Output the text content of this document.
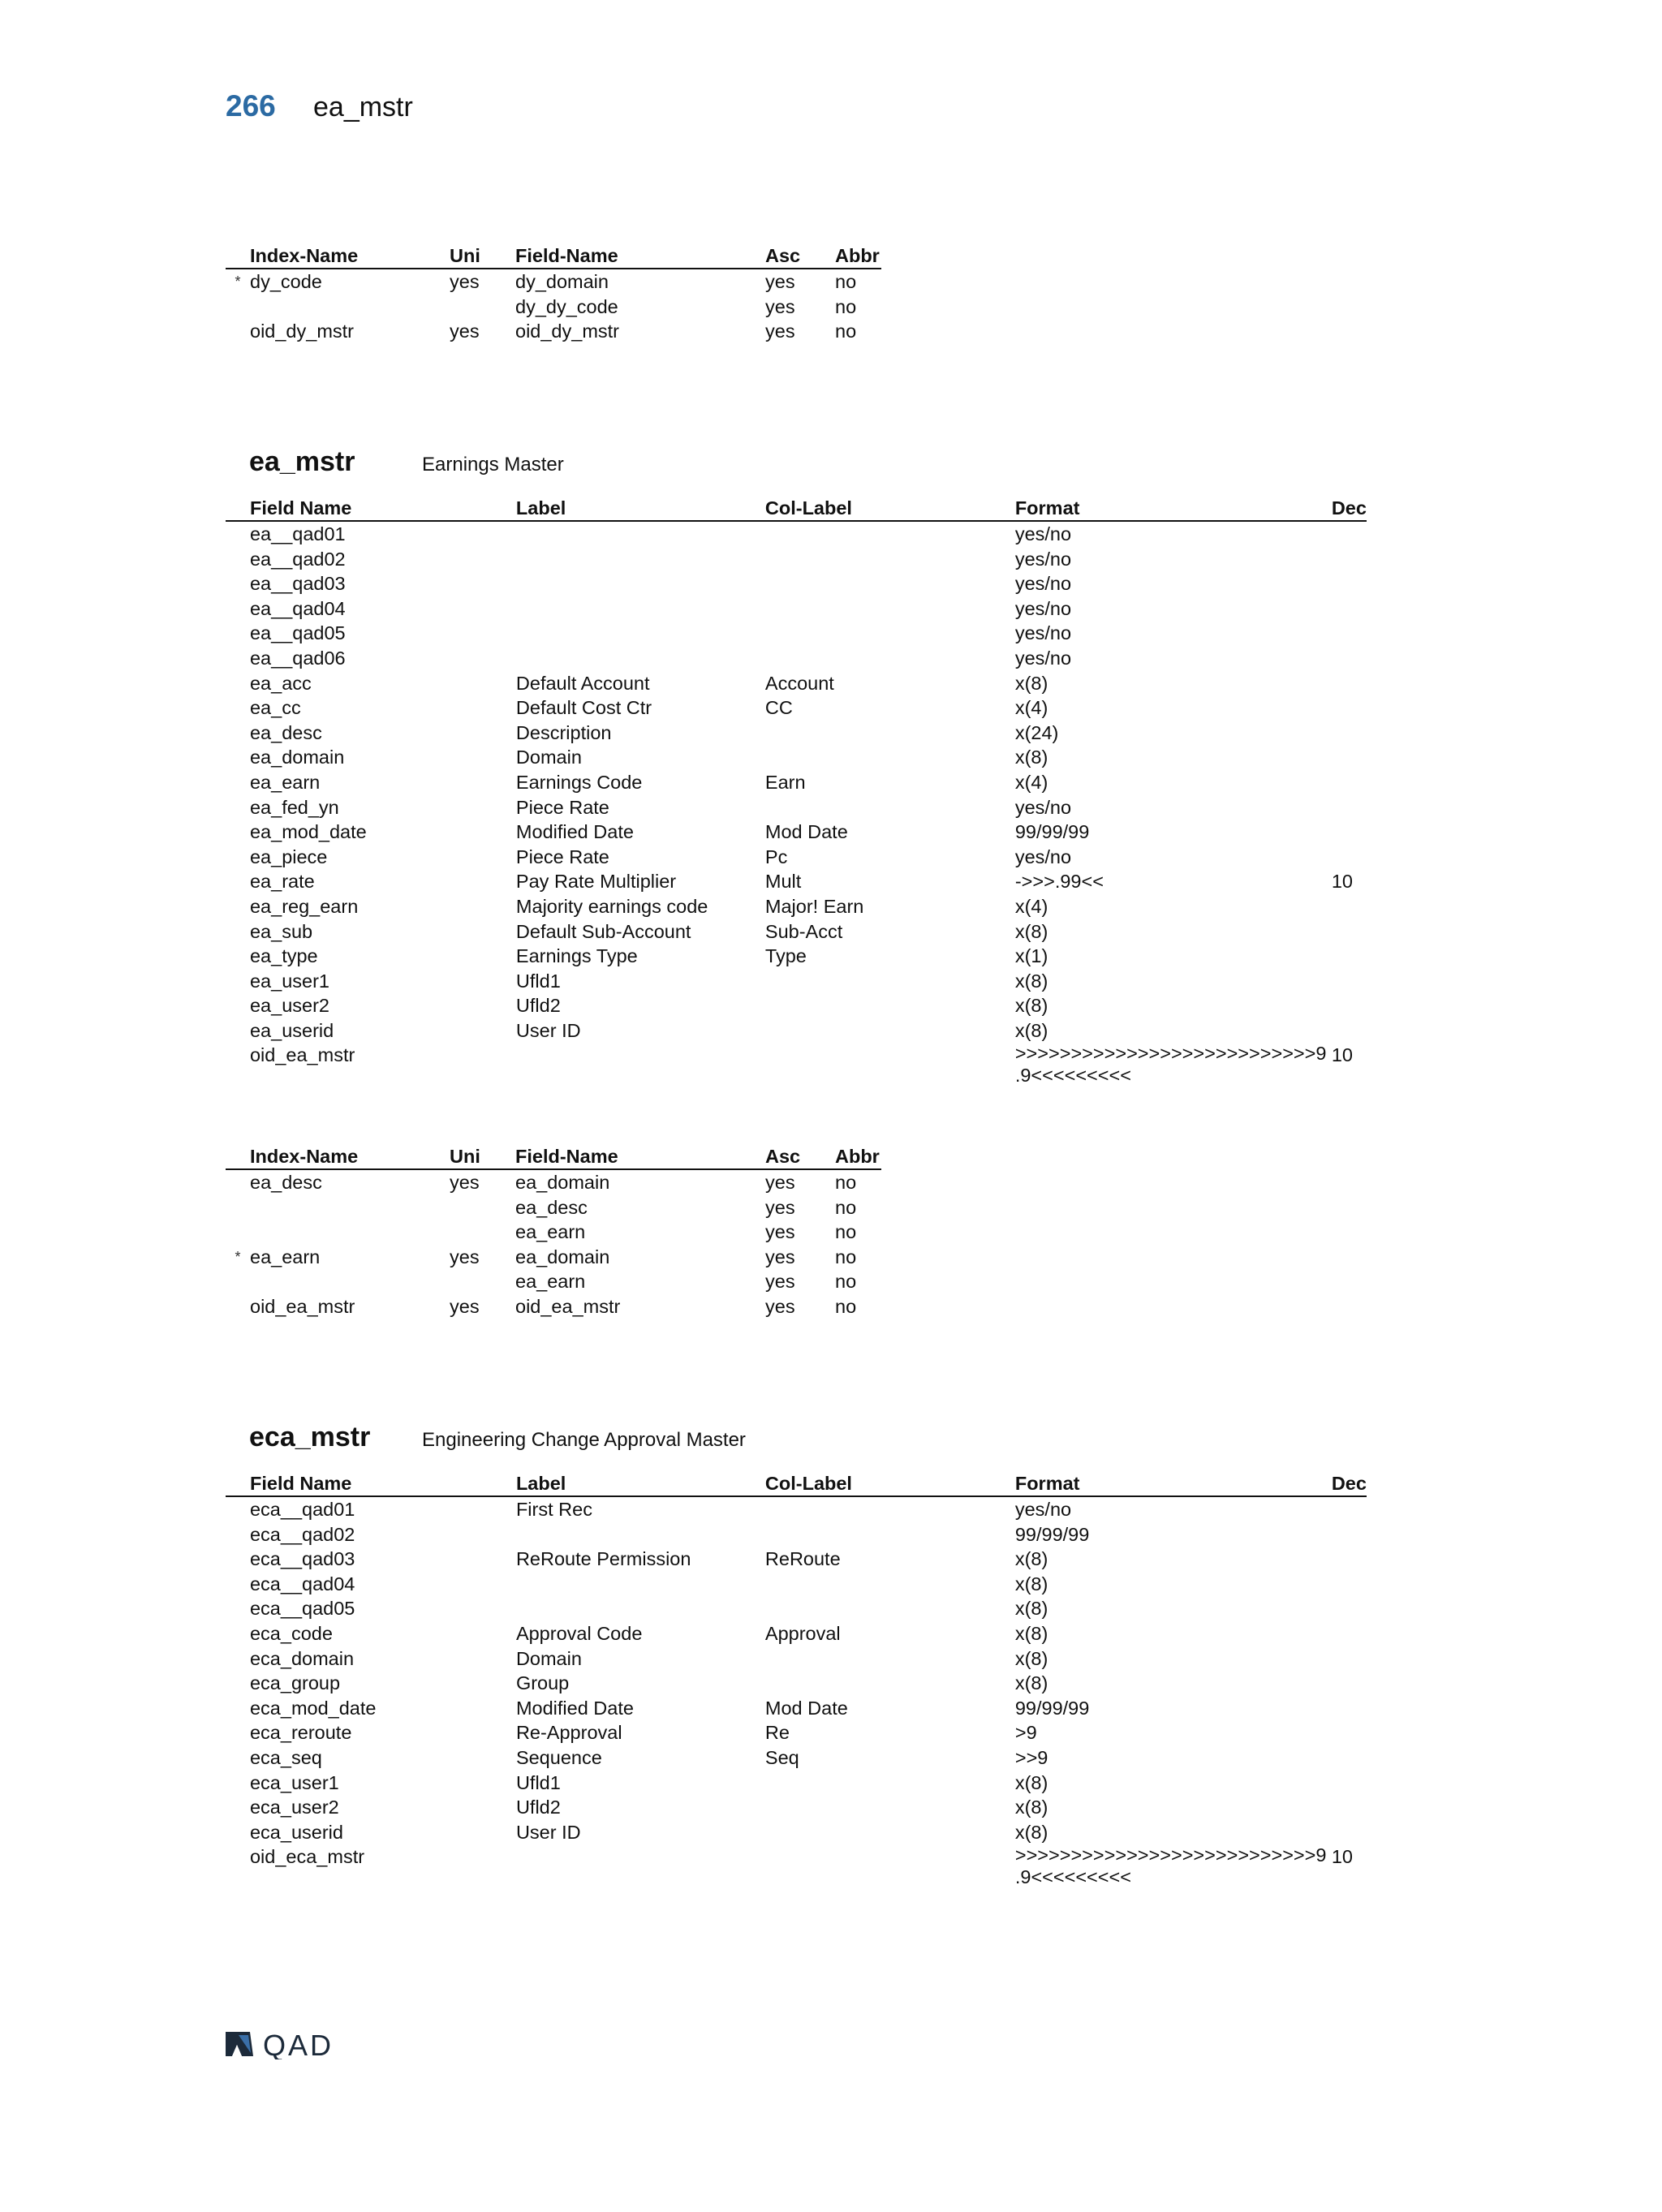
266 ea_mstr
	Index-Name	Uni	Field-Name	Asc	Abbr
*	dy_code	yes	dy_domain	yes	no
			dy_dy_code	yes	no
	oid_dy_mstr	yes	oid_dy_mstr	yes	no
ea_mstr	Earnings Master
	Field Name	Label	Col-Label	Format	Dec
	ea__qad01			yes/no	
	ea__qad02			yes/no	
	ea__qad03			yes/no	
	ea__qad04			yes/no	
	ea__qad05			yes/no	
	ea__qad06			yes/no	
	ea_acc	Default Account	Account	x(8)	
	ea_cc	Default Cost Ctr	CC	x(4)	
	ea_desc	Description		x(24)	
	ea_domain	Domain		x(8)	
	ea_earn	Earnings Code	Earn	x(4)	
	ea_fed_yn	Piece Rate		yes/no	
	ea_mod_date	Modified Date	Mod Date	99/99/99	
	ea_piece	Piece Rate	Pc	yes/no	
	ea_rate	Pay Rate Multiplier	Mult	->>>.99<<	10
	ea_reg_earn	Majority earnings code	Major! Earn	x(4)	
	ea_sub	Default Sub-Account	Sub-Acct	x(8)	
	ea_type	Earnings Type	Type	x(1)	
	ea_user1	Ufld1		x(8)	
	ea_user2	Ufld2		x(8)	
	ea_userid	User ID		x(8)	
	oid_ea_mstr			>>>>>>>>>>>>>>>>>>>>>>>>>>>9 .9<<<<<<<<<	10
	Index-Name	Uni	Field-Name	Asc	Abbr
	ea_desc	yes	ea_domain	yes	no
			ea_desc	yes	no
			ea_earn	yes	no
*	ea_earn	yes	ea_domain	yes	no
			ea_earn	yes	no
	oid_ea_mstr	yes	oid_ea_mstr	yes	no
eca_mstr	Engineering Change Approval Master
	Field Name	Label	Col-Label	Format	Dec
	eca__qad01	First Rec		yes/no	
	eca__qad02			99/99/99	
	eca__qad03	ReRoute Permission	ReRoute	x(8)	
	eca__qad04			x(8)	
	eca__qad05			x(8)	
	eca_code	Approval Code	Approval	x(8)	
	eca_domain	Domain		x(8)	
	eca_group	Group		x(8)	
	eca_mod_date	Modified Date	Mod Date	99/99/99	
	eca_reroute	Re-Approval	Re	>9	
	eca_seq	Sequence	Seq	>>9	
	eca_user1	Ufld1		x(8)	
	eca_user2	Ufld2		x(8)	
	eca_userid	User ID		x(8)	
	oid_eca_mstr			>>>>>>>>>>>>>>>>>>>>>>>>>>>9 .9<<<<<<<<<	10
QAD
